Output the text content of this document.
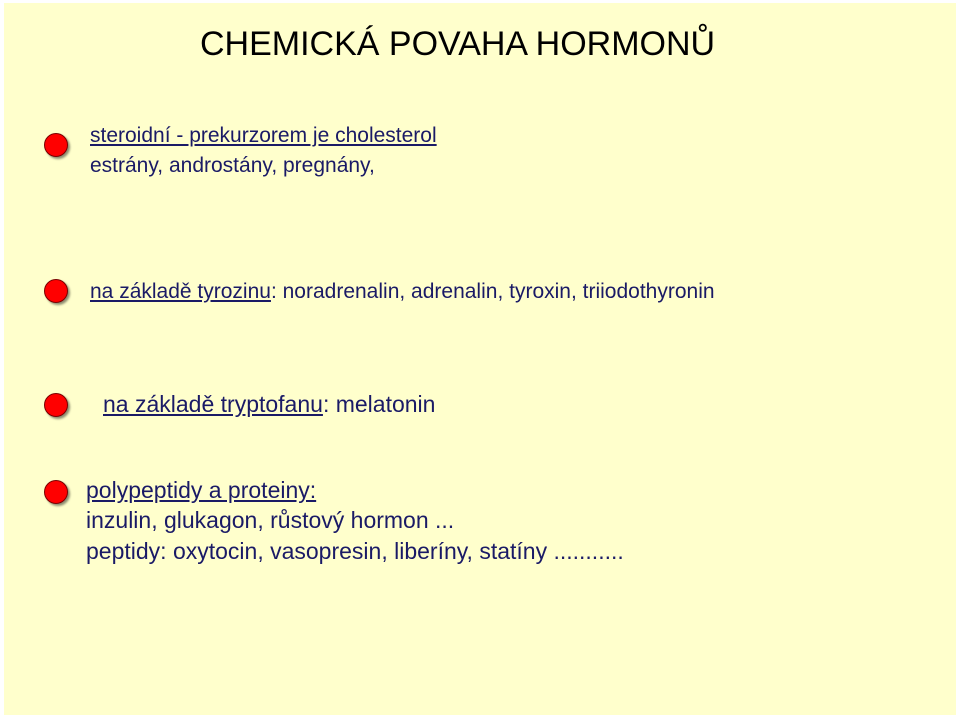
CHEMICKÁ POVAHA HORMONŮ
steroidní - prekurzorem je cholesterol
estrány, androstány, pregnány,
na základě tyrozinu: noradrenalin, adrenalin, tyroxin, triiodothyronin
na základě tryptofanu: melatonin
polypeptidy a proteiny:
inzulin, glukagon, růstový hormon ...
peptidy: oxytocin, vasopresin, liberíny, statíny ...........
